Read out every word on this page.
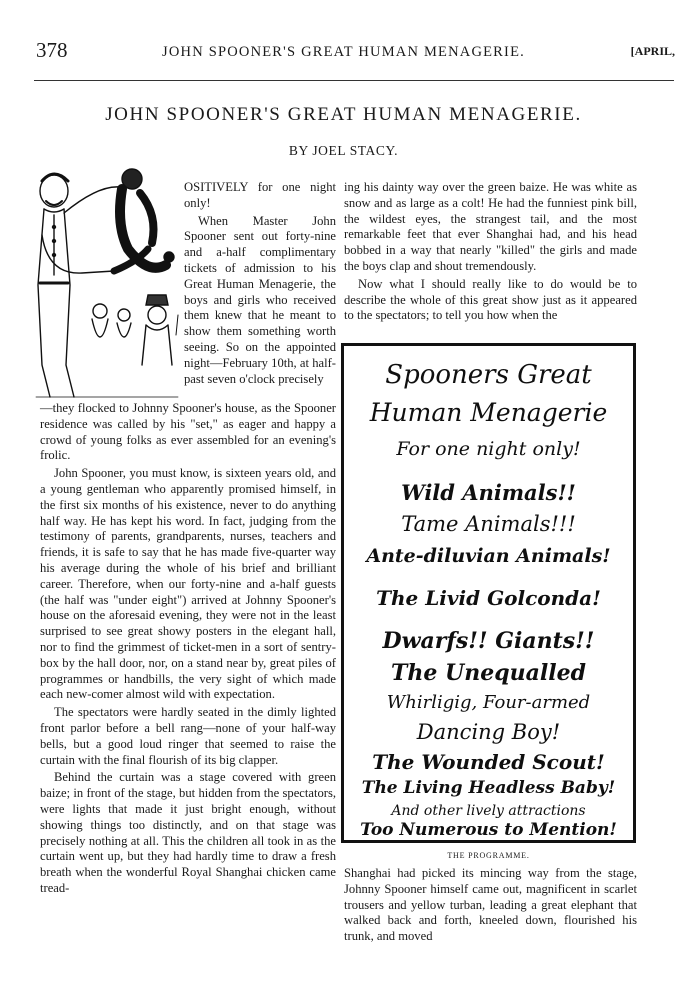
378	JOHN SPOONER'S GREAT HUMAN MENAGERIE.	[APRIL,
JOHN SPOONER'S GREAT HUMAN MENAGERIE.
BY JOEL STACY.

OSITIVELY for one night only!

When Master John Spooner sent out forty-nine and a-half complimentary tickets of admission to his Great Human Menagerie, the boys and girls who received them knew that he meant to show them something worth seeing. So on the appointed night—February 10th, at half-past seven o'clock precisely

—they flocked to Johnny Spooner's house, as the Spooner residence was called by his "set," as eager and happy a crowd of young folks as ever assembled for an evening's frolic.

John Spooner, you must know, is sixteen years old, and a young gentleman who apparently promised himself, in the first six months of his existence, never to do anything half way. He has kept his word. In fact, judging from the testimony of parents, grandparents, nurses, teachers and friends, it is safe to say that he has made five-quarter way his average during the whole of his brief and brilliant career. Therefore, when our forty-nine and a-half guests (the half was "under eight") arrived at Johnny Spooner's house on the aforesaid evening, they were not in the least surprised to see great showy posters in the elegant hall, nor to find the grimmest of ticket-men in a sort of sentry-box by the hall door, nor, on a stand near by, great piles of programmes or handbills, the very sight of which made each new-comer almost wild with expectation.

The spectators were hardly seated in the dimly lighted front parlor before a bell rang—none of your half-way bells, but a good loud ringer that seemed to raise the curtain with the final flourish of its big clapper.

Behind the curtain was a stage covered with green baize; in front of the stage, but hidden from the spectators, were lights that made it just bright enough, without showing things too distinctly, and on that stage was precisely nothing at all. This the children all took in as the curtain went up, but they had hardly time to draw a fresh breath when the wonderful Royal Shanghai chicken came tread-

ing his dainty way over the green baize. He was white as snow and as large as a colt! He had the funniest pink bill, the wildest eyes, the strangest tail, and the most remarkable feet that ever Shanghai had, and his head bobbed in a way that nearly "killed" the girls and made the boys clap and shout tremendously.

Now what I should really like to do would be to describe the whole of this great show just as it appeared to the spectators; to tell you how when the

Spooners Great
Human Menagerie
For one night only!
Wild Animals!!
Tame Animals!!!
Ante-diluvian Animals!
The Livid Golconda!
Dwarfs!! Giants!!
The Unequalled
Whirligig, Four-armed
Dancing Boy!
The Wounded Scout!
The Living Headless Baby!
And other lively attractions
Too Numerous to Mention!
THE PROGRAMME.

Shanghai had picked its mincing way from the stage, Johnny Spooner himself came out, magnificent in scarlet trousers and yellow turban, leading a great elephant that walked back and forth, kneeled down, flourished his trunk, and moved
